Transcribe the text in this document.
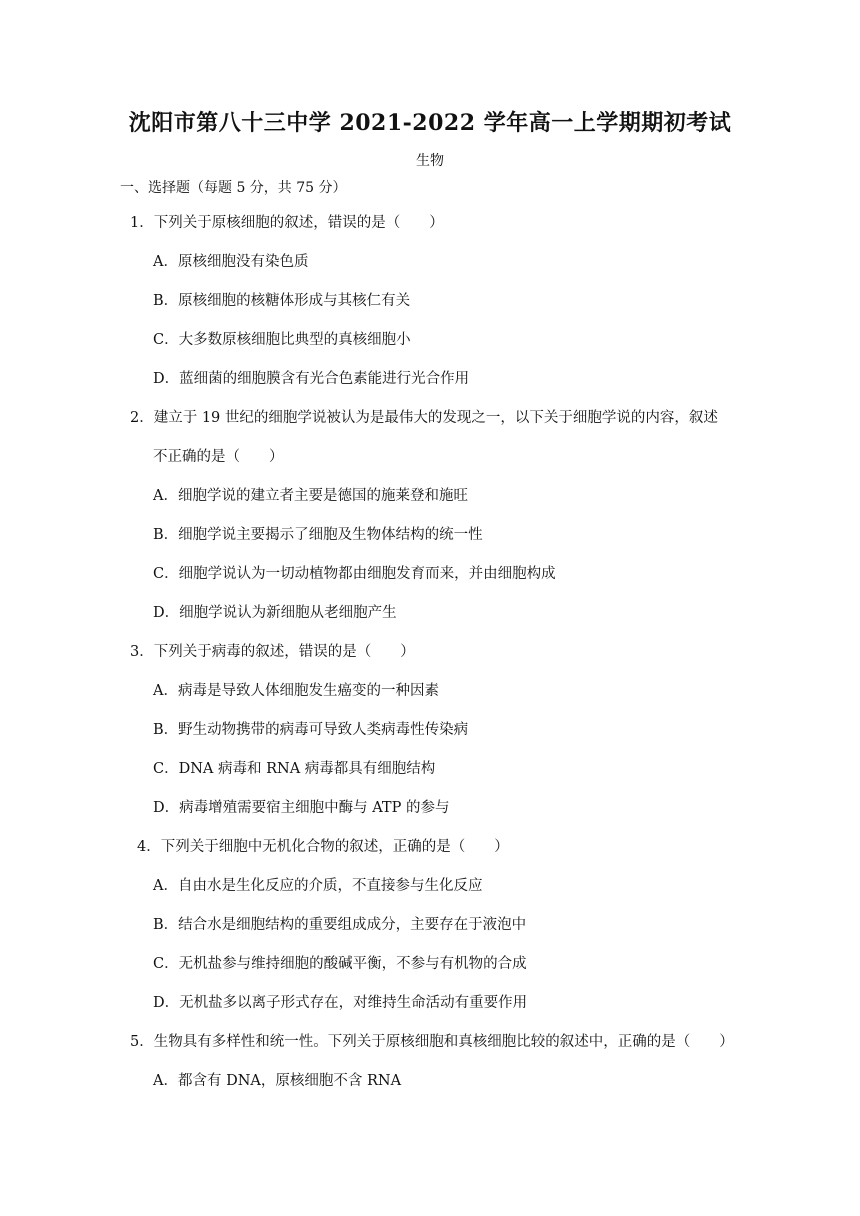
沈阳市第八十三中学 2021-2022 学年高一上学期期初考试
生物
一、选择题（每题 5 分，共 75 分）
1．下列关于原核细胞的叙述，错误的是（　　）
A．原核细胞没有染色质
B．原核细胞的核糖体形成与其核仁有关
C．大多数原核细胞比典型的真核细胞小
D．蓝细菌的细胞膜含有光合色素能进行光合作用
2．建立于 19 世纪的细胞学说被认为是最伟大的发现之一，以下关于细胞学说的内容，叙述
不正确的是（　　）
A．细胞学说的建立者主要是德国的施莱登和施旺
B．细胞学说主要揭示了细胞及生物体结构的统一性
C．细胞学说认为一切动植物都由细胞发育而来，并由细胞构成
D．细胞学说认为新细胞从老细胞产生
3．下列关于病毒的叙述，错误的是（　　）
A．病毒是导致人体细胞发生癌变的一种因素
B．野生动物携带的病毒可导致人类病毒性传染病
C．DNA 病毒和 RNA 病毒都具有细胞结构
D．病毒增殖需要宿主细胞中酶与 ATP 的参与
4．下列关于细胞中无机化合物的叙述，正确的是（　　）
A．自由水是生化反应的介质，不直接参与生化反应
B．结合水是细胞结构的重要组成成分，主要存在于液泡中
C．无机盐参与维持细胞的酸碱平衡，不参与有机物的合成
D．无机盐多以离子形式存在，对维持生命活动有重要作用
5．生物具有多样性和统一性。下列关于原核细胞和真核细胞比较的叙述中，正确的是（　　）
A．都含有 DNA，原核细胞不含 RNA
